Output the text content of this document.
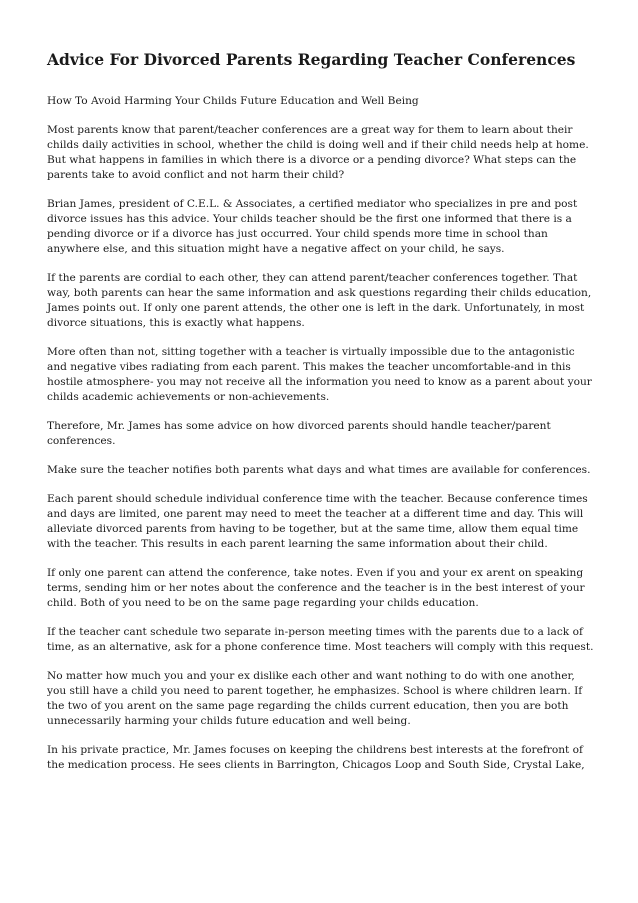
Advice For Divorced Parents Regarding Teacher Conferences

How To Avoid Harming Your Childs Future Education and Well Being

Most parents know that parent/teacher conferences are a great way for them to learn about their childs daily activities in school, whether the child is doing well and if their child needs help at home. But what happens in families in which there is a divorce or a pending divorce? What steps can the parents take to avoid conflict and not harm their child?

Brian James, president of C.E.L. & Associates, a certified mediator who specializes in pre and post divorce issues has this advice. Your childs teacher should be the first one informed that there is a pending divorce or if a divorce has just occurred. Your child spends more time in school than anywhere else, and this situation might have a negative affect on your child, he says.

If the parents are cordial to each other, they can attend parent/teacher conferences together. That way, both parents can hear the same information and ask questions regarding their childs education, James points out. If only one parent attends, the other one is left in the dark. Unfortunately, in most divorce situations, this is exactly what happens.

More often than not, sitting together with a teacher is virtually impossible due to the antagonistic and negative vibes radiating from each parent. This makes the teacher uncomfortable-and in this hostile atmosphere- you may not receive all the information you need to know as a parent about your childs academic achievements or non-achievements.

Therefore, Mr. James has some advice on how divorced parents should handle teacher/parent conferences.

Make sure the teacher notifies both parents what days and what times are available for conferences.

Each parent should schedule individual conference time with the teacher. Because conference times and days are limited, one parent may need to meet the teacher at a different time and day. This will alleviate divorced parents from having to be together, but at the same time, allow them equal time with the teacher. This results in each parent learning the same information about their child.

If only one parent can attend the conference, take notes. Even if you and your ex arent on speaking terms, sending him or her notes about the conference and the teacher is in the best interest of your child. Both of you need to be on the same page regarding your childs education.

If the teacher cant schedule two separate in-person meeting times with the parents due to a lack of time, as an alternative, ask for a phone conference time. Most teachers will comply with this request.

No matter how much you and your ex dislike each other and want nothing to do with one another, you still have a child you need to parent together, he emphasizes. School is where children learn. If the two of you arent on the same page regarding the childs current education, then you are both unnecessarily harming your childs future education and well being.

In his private practice, Mr. James focuses on keeping the childrens best interests at the forefront of the medication process. He sees clients in Barrington, Chicagos Loop and South Side, Crystal Lake,
